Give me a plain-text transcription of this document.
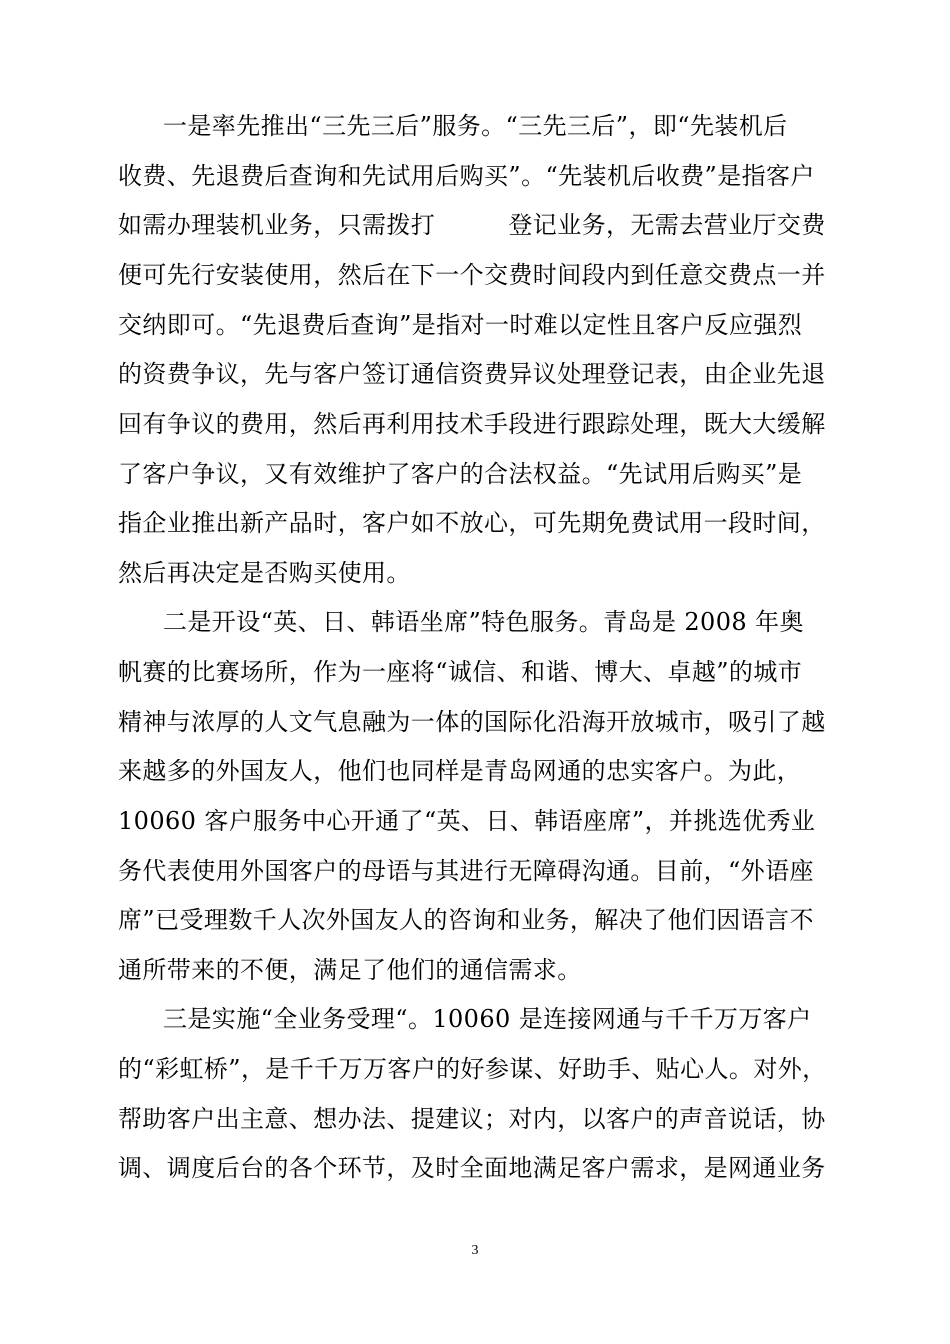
一是率先推出“三先三后”服务。“三先三后”，即“先装机后
收费、先退费后查询和先试用后购买”。“先装机后收费”是指客户
如需办理装机业务，只需拨打　　　登记业务，无需去营业厅交费
便可先行安装使用，然后在下一个交费时间段内到任意交费点一并
交纳即可。“先退费后查询”是指对一时难以定性且客户反应强烈
的资费争议，先与客户签订通信资费异议处理登记表，由企业先退
回有争议的费用，然后再利用技术手段进行跟踪处理，既大大缓解
了客户争议，又有效维护了客户的合法权益。“先试用后购买”是
指企业推出新产品时，客户如不放心，可先期免费试用一段时间，
然后再决定是否购买使用。
二是开设“英、日、韩语坐席”特色服务。青岛是 2008 年奥
帆赛的比赛场所，作为一座将“诚信、和谐、博大、卓越”的城市
精神与浓厚的人文气息融为一体的国际化沿海开放城市，吸引了越
来越多的外国友人，他们也同样是青岛网通的忠实客户。为此，
10060 客户服务中心开通了“英、日、韩语座席”，并挑选优秀业
务代表使用外国客户的母语与其进行无障碍沟通。目前，“外语座
席”已受理数千人次外国友人的咨询和业务，解决了他们因语言不
通所带来的不便，满足了他们的通信需求。
三是实施“全业务受理“。10060 是连接网通与千千万万客户
的“彩虹桥”，是千千万万客户的好参谋、好助手、贴心人。对外，
帮助客户出主意、想办法、提建议；对内，以客户的声音说话，协
调、调度后台的各个环节，及时全面地满足客户需求，是网通业务
3
